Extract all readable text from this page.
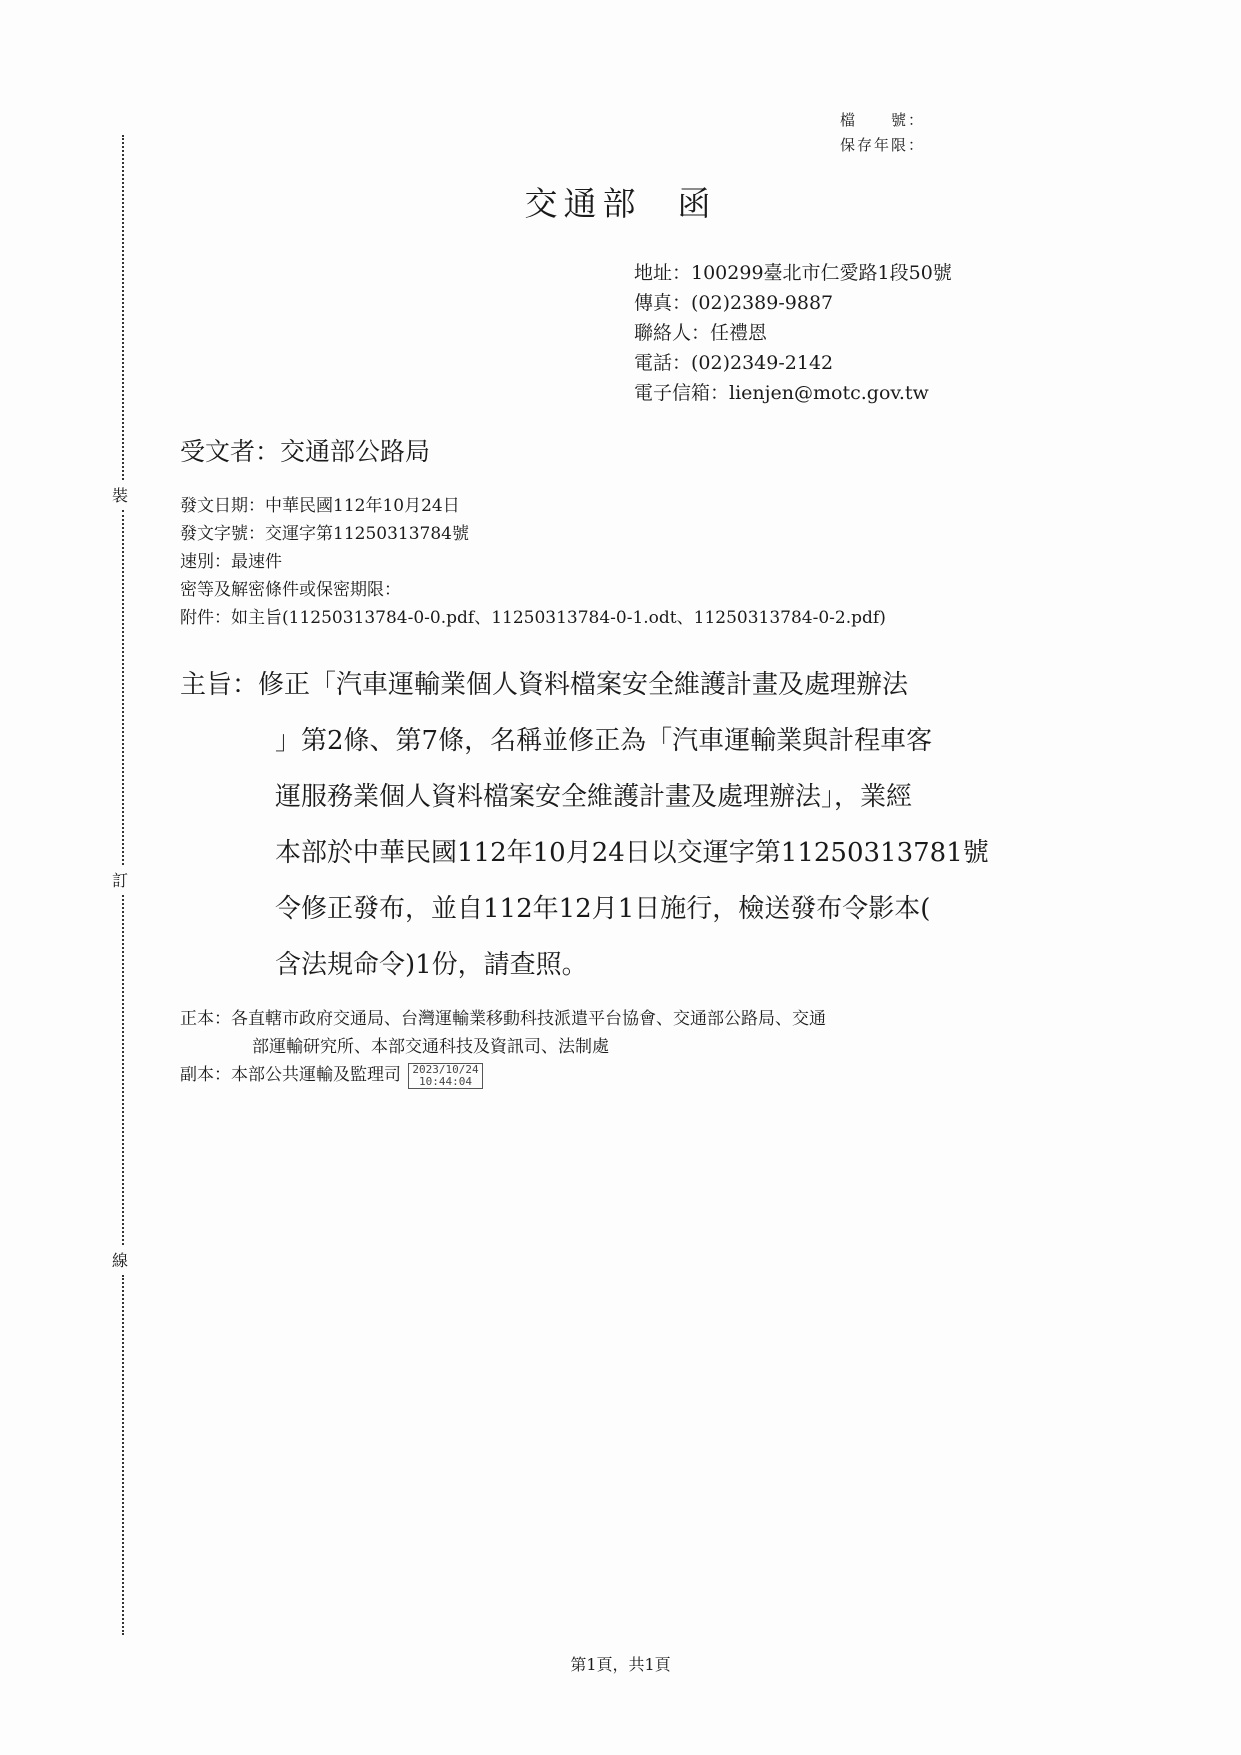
裝
訂
線
檔　　號：
保存年限：
交通部 函
地址：100299臺北市仁愛路1段50號
傳真：(02)2389-9887
聯絡人：任禮恩
電話：(02)2349-2142
電子信箱：lienjen@motc.gov.tw
受文者：交通部公路局
發文日期：中華民國112年10月24日
發文字號：交運字第11250313784號
速別：最速件
密等及解密條件或保密期限：
附件：如主旨(11250313784-0-0.pdf、11250313784-0-1.odt、11250313784-0-2.pdf)
主旨：修正「汽車運輸業個人資料檔案安全維護計畫及處理辦法
」第2條、第7條，名稱並修正為「汽車運輸業與計程車客
運服務業個人資料檔案安全維護計畫及處理辦法」，業經
本部於中華民國112年10月24日以交運字第11250313781號
令修正發布，並自112年12月1日施行，檢送發布令影本(
含法規命令)1份，請查照。
正本：各直轄市政府交通局、台灣運輸業移動科技派遣平台協會、交通部公路局、交通
部運輸研究所、本部交通科技及資訊司、法制處
副本：本部公共運輸及監理司 2023/10/24
10:44:04
第1頁，共1頁
